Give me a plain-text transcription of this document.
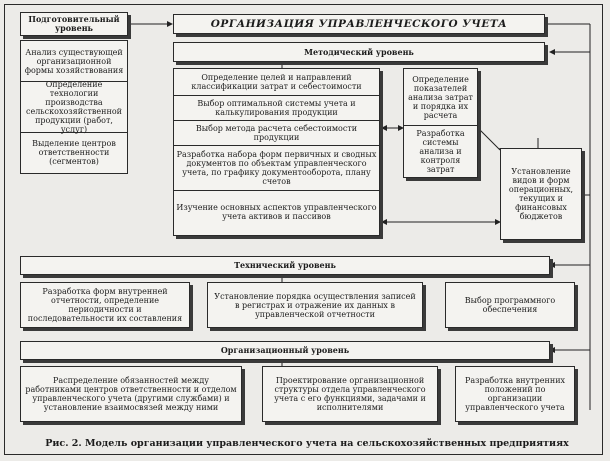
ОРГАНИЗАЦИЯ УПРАВЛЕНЧЕСКОГО УЧЕТА
Подготовительный уровень
Анализ существующей организационной формы хозяйствования
Определение технологии производства сельскохозяйственной продукции (работ, услуг)
Выделение центров ответственности (сегментов)
Методический уровень
Определение целей и направлений классификации затрат и себестоимости
Выбор оптимальной системы учета и калькулирования продукции
Выбор метода расчета себестоимости продукции
Разработка набора форм первичных и сводных документов по объектам управленческого учета, по графику документооборота, плану счетов
Изучение основных аспектов управленческого учета активов и пассивов
Определение показателей анализа затрат и порядка их расчета
Разработка системы анализа и контроля затрат	Установление видов и форм операционных, текущих и финансовых бюджетов
Технический уровень
Разработка форм внутренней отчетности, определение периодичности и последовательности их составления
Установление порядка осуществления записей в регистрах и отражение их данных в управленческой отчетности
Выбор программного обеспечения
Организационный уровень
Распределение обязанностей между работниками центров ответственности и отделом управленческого учета (другими службами) и установление взаимосвязей между ними
Проектирование организационной структуры отдела управленческого учета с его функциями, задачами и исполнителями
Разработка внутренних положений по организации управленческого учета
Рис. 2. Модель организации управленческого учета на сельскохозяйственных предприятиях
